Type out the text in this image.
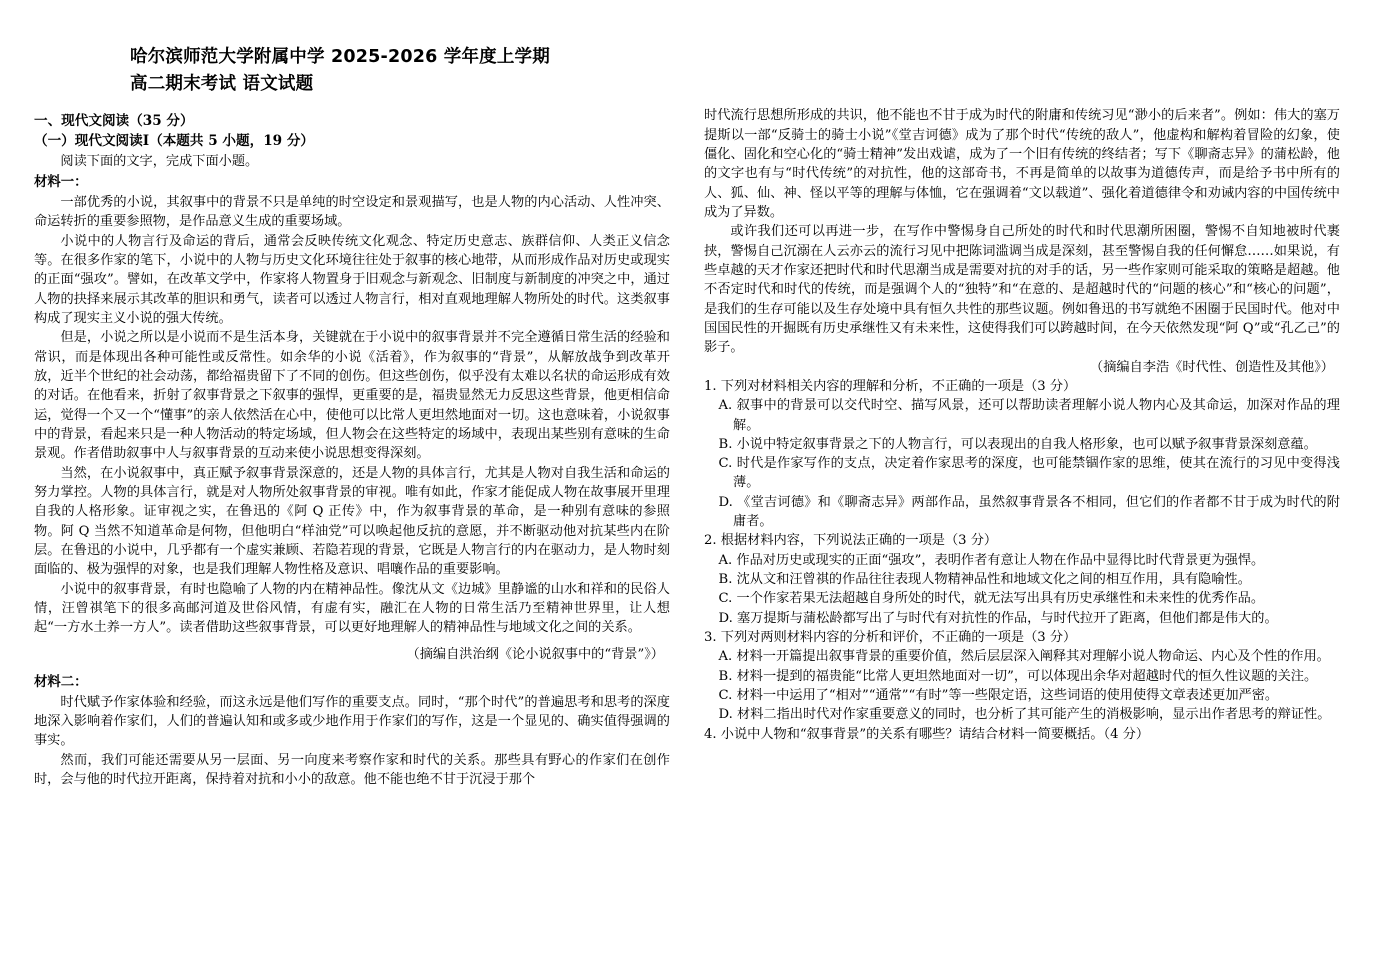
哈尔滨师范大学附属中学 2025-2026 学年度上学期
高二期末考试 语文试题
一、现代文阅读（35 分）
（一）现代文阅读Ⅰ（本题共 5 小题，19 分）

阅读下面的文字，完成下面小题。

材料一：

一部优秀的小说，其叙事中的背景不只是单纯的时空设定和景观描写，也是人物的内心活动、人性冲突、命运转折的重要参照物，是作品意义生成的重要场域。

小说中的人物言行及命运的背后，通常会反映传统文化观念、特定历史意志、族群信仰、人类正义信念等。在很多作家的笔下，小说中的人物与历史文化环境往往处于叙事的核心地带，从而形成作品对历史或现实的正面“强攻”。譬如，在改革文学中，作家将人物置身于旧观念与新观念、旧制度与新制度的冲突之中，通过人物的抉择来展示其改革的胆识和勇气，读者可以透过人物言行，相对直观地理解人物所处的时代。这类叙事构成了现实主义小说的强大传统。

但是，小说之所以是小说而不是生活本身，关键就在于小说中的叙事背景并不完全遵循日常生活的经验和常识，而是体现出各种可能性或反常性。如余华的小说《活着》，作为叙事的“背景”，从解放战争到改革开放，近半个世纪的社会动荡，都给福贵留下了不同的创伤。但这些创伤，似乎没有太难以名状的命运形成有效的对话。在他看来，折射了叙事背景之下叙事的强悍，更重要的是，福贵显然无力反思这些背景，他更相信命运，觉得一个又一个“懂事”的亲人依然活在心中，使他可以比常人更坦然地面对一切。这也意味着，小说叙事中的背景，看起来只是一种人物活动的特定场域，但人物会在这些特定的场域中，表现出某些别有意味的生命景观。作者借助叙事中人与叙事背景的互动来使小说思想变得深刻。

当然，在小说叙事中，真正赋予叙事背景深意的，还是人物的具体言行，尤其是人物对自我生活和命运的努力掌控。人物的具体言行，就是对人物所处叙事背景的审视。唯有如此，作家才能促成人物在故事展开里理自我的人格形象。证审视之实，在鲁迅的《阿 Q 正传》中，作为叙事背景的革命，是一种别有意味的参照物。阿 Q 当然不知道革命是何物，但他明白“样油党”可以唤起他反抗的意愿，并不断驱动他对抗某些内在阶层。在鲁迅的小说中，几乎都有一个虚实兼顾、若隐若现的背景，它既是人物言行的内在驱动力，是人物时刻面临的、极为强悍的对象，也是我们理解人物性格及意识、唱嚷作品的重要影响。

小说中的叙事背景，有时也隐喻了人物的内在精神品性。像沈从文《边城》里静谧的山水和祥和的民俗人情，汪曾祺笔下的很多高邮河道及世俗风情，有虚有实，融汇在人物的日常生活乃至精神世界里，让人想起“一方水土养一方人”。读者借助这些叙事背景，可以更好地理解人的精神品性与地域文化之间的关系。

（摘编自洪治纲《论小说叙事中的“背景”》）

材料二：

时代赋予作家体验和经验，而这永远是他们写作的重要支点。同时，“那个时代”的普遍思考和思考的深度地深入影响着作家们，人们的普遍认知和或多或少地作用于作家们的写作，这是一个显见的、确实值得强调的事实。

然而，我们可能还需要从另一层面、另一向度来考察作家和时代的关系。那些具有野心的作家们在创作时，会与他的时代拉开距离，保持着对抗和小小的敌意。他不能也绝不甘于沉浸于那个

时代流行思想所形成的共识，他不能也不甘于成为时代的附庸和传统习见“渺小的后来者”。例如：伟大的塞万提斯以一部“反骑士的骑士小说”《堂吉诃德》成为了那个时代“传统的敌人”，他虚构和解构着冒险的幻象，使僵化、固化和空心化的“骑士精神”发出戏谑，成为了一个旧有传统的终结者；写下《聊斋志异》的蒲松龄，他的文字也有与“时代传统”的对抗性，他的这部奇书，不再是简单的以故事为道德传声，而是给予书中所有的人、狐、仙、神、怪以平等的理解与体恤，它在强调着“文以载道”、强化着道德律令和劝诫内容的中国传统中成为了异数。

或许我们还可以再进一步，在写作中警惕身自己所处的时代和时代思潮所困圈，警惕不自知地被时代裹挟，警惕自己沉溺在人云亦云的流行习见中把陈词滥调当成是深刻，甚至警惕自我的任何懈怠……如果说，有些卓越的天才作家还把时代和时代思潮当成是需要对抗的对手的话，另一些作家则可能采取的策略是超越。他不否定时代和时代的传统，而是强调个人的“独特”和“在意的、是超越时代的“问题的核心”和“核心的问题”，是我们的生存可能以及生存处境中具有恒久共性的那些议题。例如鲁迅的书写就绝不困圈于民国时代。他对中国国民性的开掘既有历史承继性又有未来性，这使得我们可以跨越时间，在今天依然发现“阿 Q”或“孔乙己”的影子。

（摘编自李浩《时代性、创造性及其他》）

1. 下列对材料相关内容的理解和分析，不正确的一项是（3 分）

A. 叙事中的背景可以交代时空、描写风景，还可以帮助读者理解小说人物内心及其命运，加深对作品的理解。

B. 小说中特定叙事背景之下的人物言行，可以表现出的自我人格形象，也可以赋予叙事背景深刻意蕴。

C. 时代是作家写作的支点，决定着作家思考的深度，也可能禁锢作家的思维，使其在流行的习见中变得浅薄。

D. 《堂吉诃德》和《聊斋志异》两部作品，虽然叙事背景各不相同，但它们的作者都不甘于成为时代的附庸者。

2. 根据材料内容，下列说法正确的一项是（3 分）

A. 作品对历史或现实的正面“强攻”，表明作者有意让人物在作品中显得比时代背景更为强悍。

B. 沈从文和汪曾祺的作品往往表现人物精神品性和地域文化之间的相互作用，具有隐喻性。

C. 一个作家若果无法超越自身所处的时代，就无法写出具有历史承继性和未来性的优秀作品。

D. 塞万提斯与蒲松龄都写出了与时代有对抗性的作品，与时代拉开了距离，但他们都是伟大的。

3. 下列对两则材料内容的分析和评价，不正确的一项是（3 分）

A. 材料一开篇提出叙事背景的重要价值，然后层层深入阐释其对理解小说人物命运、内心及个性的作用。

B. 材料一提到的福贵能“比常人更坦然地面对一切”，可以体现出余华对超越时代的恒久性议题的关注。

C. 材料一中运用了“相对”“通常”“有时”等一些限定语，这些词语的使用使得文章表述更加严密。

D. 材料二指出时代对作家重要意义的同时，也分析了其可能产生的消极影响，显示出作者思考的辩证性。

4. 小说中人物和“叙事背景”的关系有哪些？请结合材料一简要概括。（4 分）
